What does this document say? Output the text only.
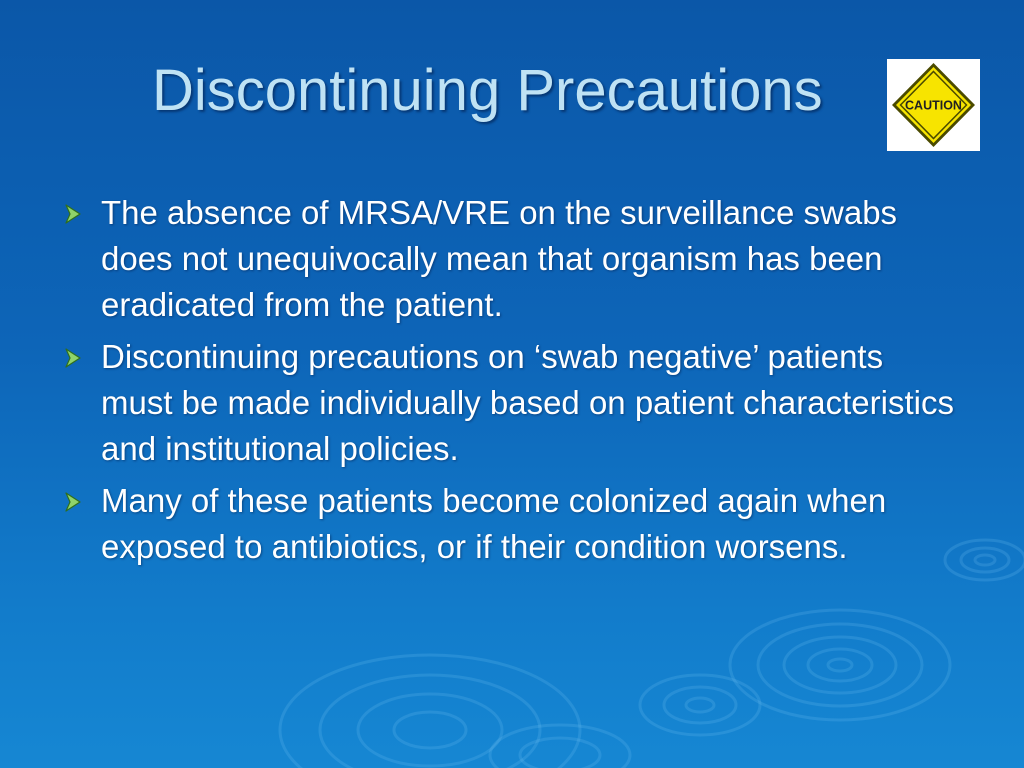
Discontinuing Precautions	CAUTION
The absence of MRSA/VRE on the surveillance swabs does not unequivocally mean that organism has been eradicated from the patient.
Discontinuing precautions on ‘swab negative’ patients must be made individually based on patient characteristics and institutional policies.
Many of these patients become colonized again when exposed to antibiotics, or if their condition worsens.
